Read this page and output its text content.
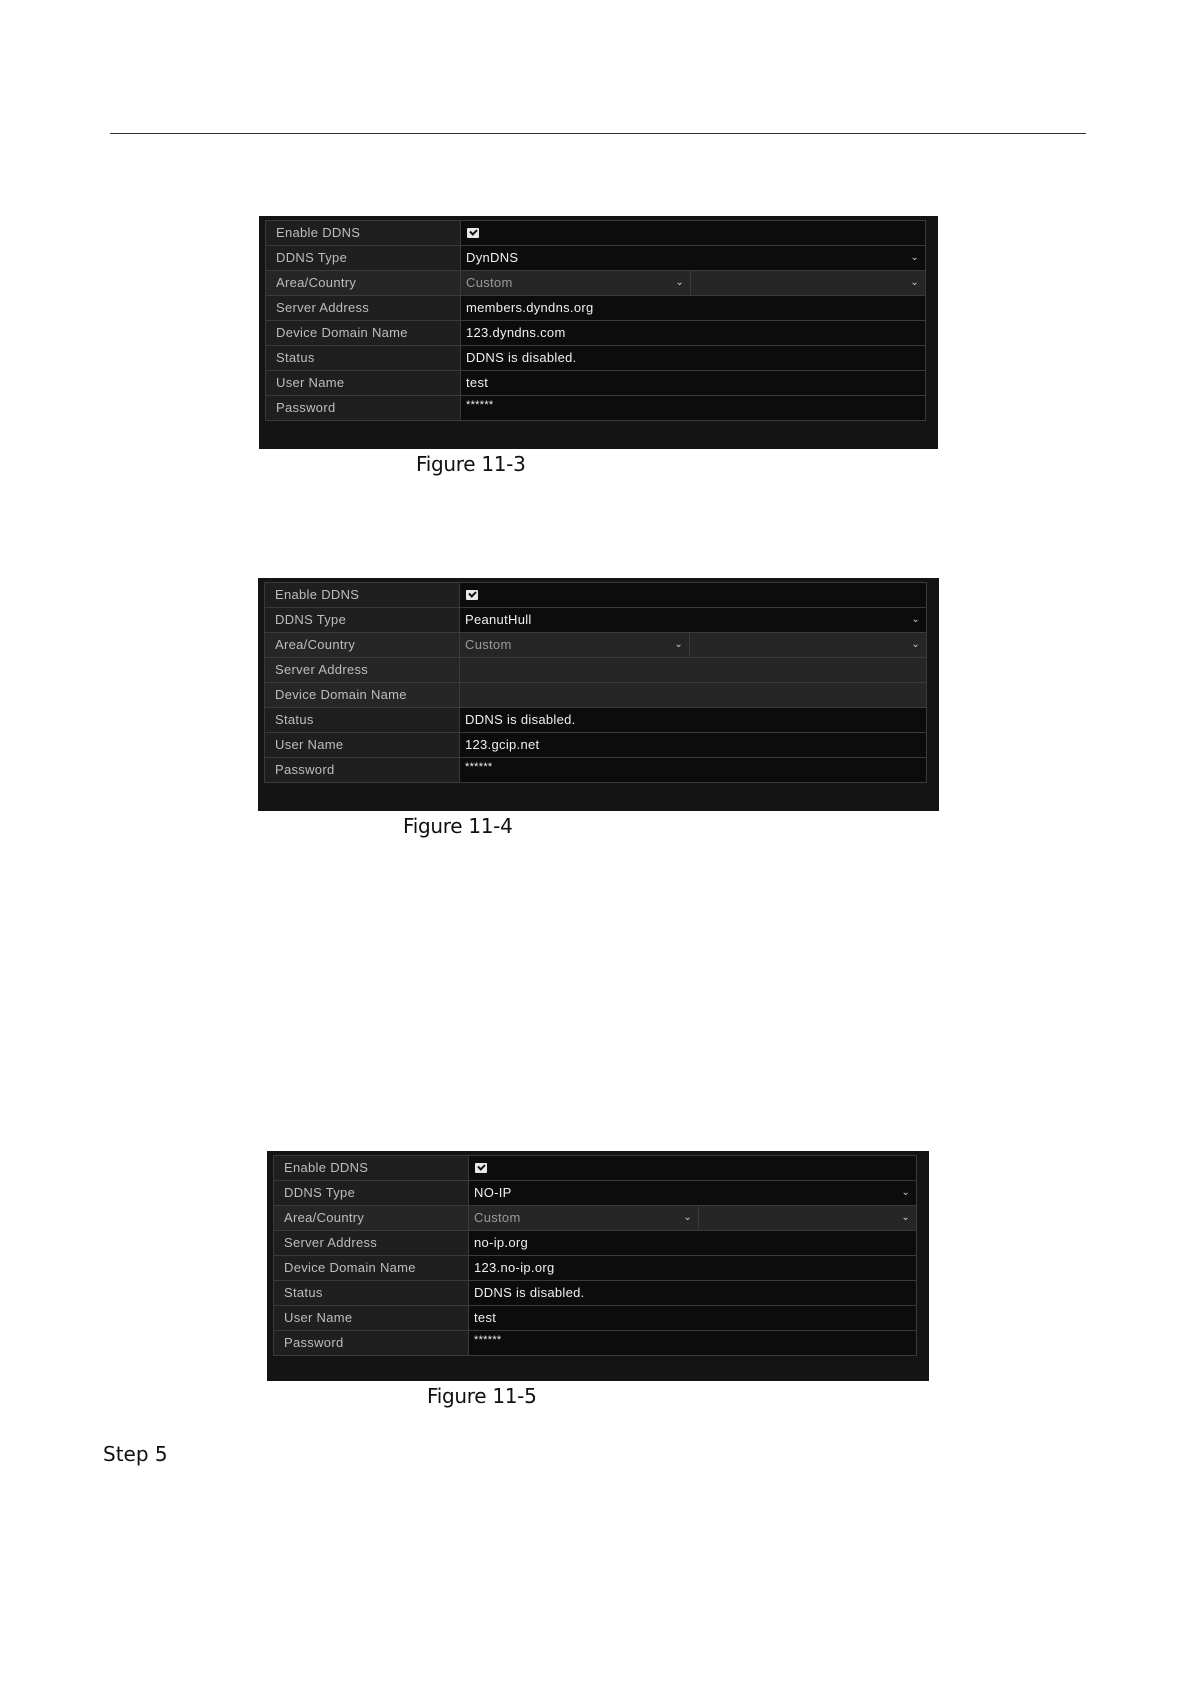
Enable DDNS
DDNS Type	DynDNS	⌄
Area/Country	Custom	⌄	⌄
Server Address	members.dyndns.org
Device Domain Name	123.dyndns.com
Status	DDNS is disabled.
User Name	test
Password	******
Figure 11-3
Enable DDNS
DDNS Type	PeanutHull	⌄
Area/Country	Custom	⌄	⌄
Server Address
Device Domain Name
Status	DDNS is disabled.
User Name	123.gcip.net
Password	******
Figure 11-4
Enable DDNS
DDNS Type	NO-IP	⌄
Area/Country	Custom	⌄	⌄
Server Address	no-ip.org
Device Domain Name	123.no-ip.org
Status	DDNS is disabled.
User Name	test
Password	******
Figure 11-5
Step 5
